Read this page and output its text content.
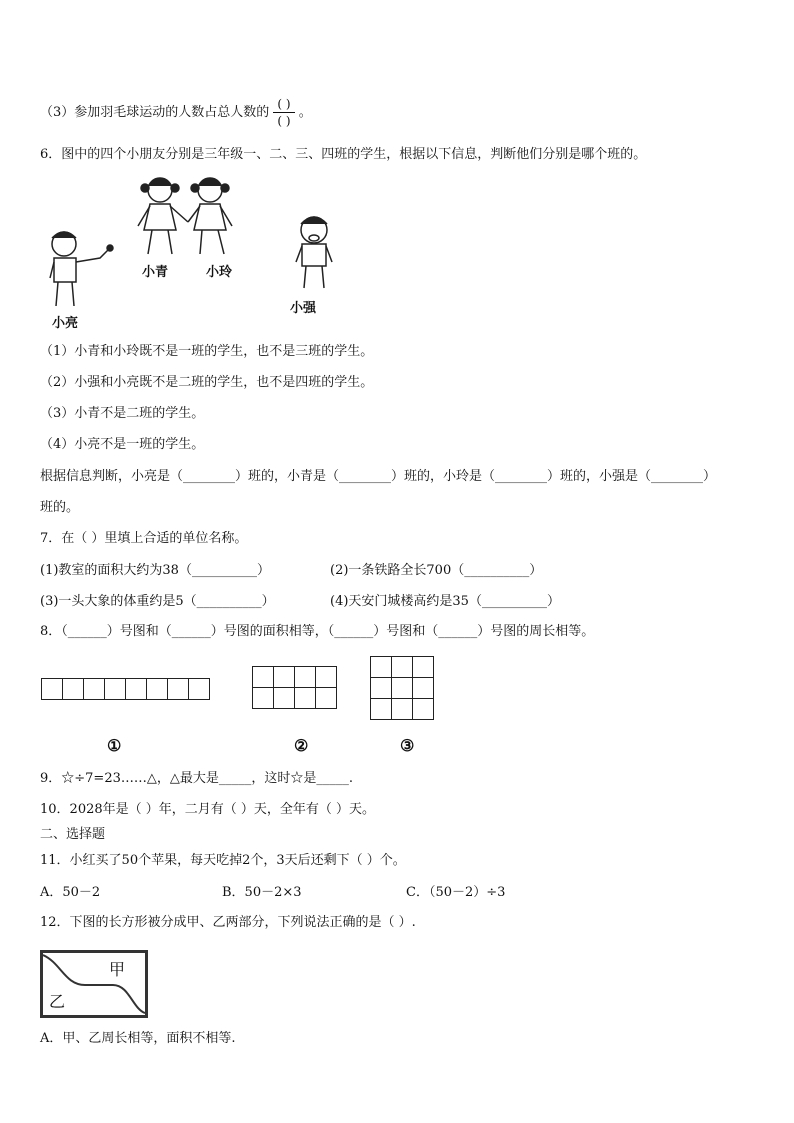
（3）参加羽毛球运动的人数占总人数的 $\frac{( )}{( )}$ 。
6．图中的四个小朋友分别是三年级一、二、三、四班的学生，根据以下信息，判断他们分别是哪个班的。
小青	小玲
小亮
小强
（1）小青和小玲既不是一班的学生，也不是三班的学生。
（2）小强和小亮既不是二班的学生，也不是四班的学生。
（3）小青不是二班的学生。
（4）小亮不是一班的学生。
根据信息判断，小亮是（________）班的，小青是（________）班的，小玲是（________）班的，小强是（________）
班的。
7．在（ ）里填上合适的单位名称。
(1)教室的面积大约为38（__________）	(2)一条铁路全长700（__________）
(3)一头大象的体重约是5（__________）	(4)天安门城楼高约是35（__________）
8．（______）号图和（______）号图的面积相等，（______）号图和（______）号图的周长相等。

①	②	③
9．☆÷7=23……△，△最大是_____，这时☆是_____.
10．2028年是（ ）年，二月有（ ）天，全年有（ ）天。
二、选择题
11．小红买了50个苹果，每天吃掉2个，3天后还剩下（ ）个。
A．50－2	B．50－2×3	C．（50－2）÷3
12．下图的长方形被分成甲、乙两部分，下列说法正确的是（ ）.
甲
乙
A．甲、乙周长相等，面积不相等.
